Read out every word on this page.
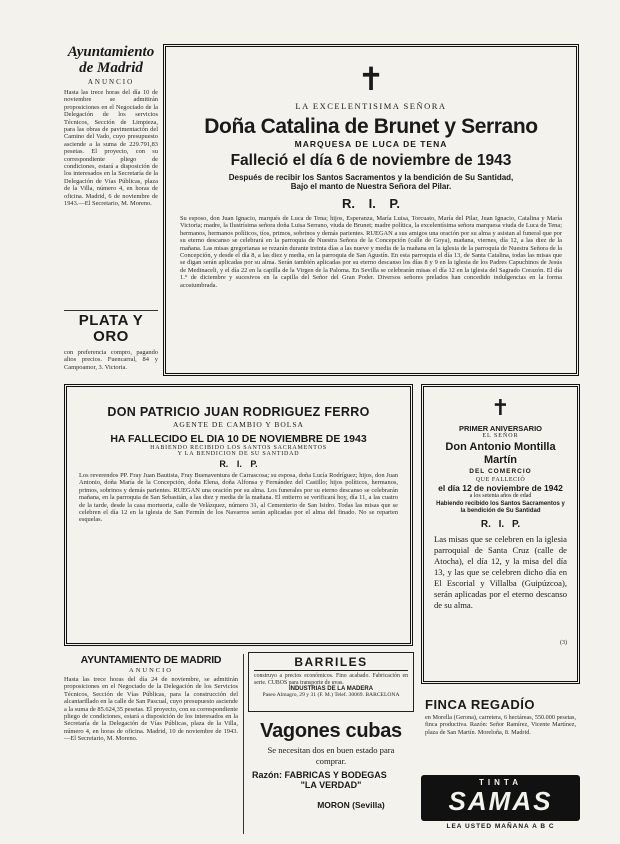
Ayuntamiento
de Madrid
ANUNCIO
Hasta las trece horas del día 10 de noviembre se admitirán proposiciones en el Negociado de la Delegación de los servicios Técnicos, Sección de Limpieza, para las obras de pavimentación del Camino del Vado, cuyo presupuesto asciende a la suma de 229.791,83 pesetas. El proyecto, con su correspondiente pliego de condiciones, estará a disposición de los interesados en la Secretaría de la Delegación de Vías Públicas, plaza de la Villa, número 4, en horas de oficina. Madrid, 6 de noviembre de 1943.—El Secretario, M. Moreno.
PLATA Y ORO
con preferencia compro, pagando altos precios. Fuencarral, 84 y Campoamor, 3. Victoria.
✝
LA EXCELENTISIMA SEÑORA
Doña Catalina de Brunet y Serrano
MARQUESA DE LUCA DE TENA
Falleció el día 6 de noviembre de 1943
Después de recibir los Santos Sacramentos y la bendición de Su Santidad,
Bajo el manto de Nuestra Señora del Pilar.
R. I. P.
Su esposo, don Juan Ignacio, marqués de Luca de Tena; hijos, Esperanza, María Luisa, Torcuato, María del Pilar, Juan Ignacio, Catalina y María Victoria; madre, la Ilustrísima señora doña Luisa Serrano, viuda de Brunet; madre política, la excelentísima señora marquesa viuda de Luca de Tena; hermanos, hermanos políticos, tíos, primos, sobrinos y demás parientes. RUEGAN a sus amigos una oración por su alma y asistan al funeral que por su eterno descanso se celebrará en la parroquia de Nuestra Señora de la Concepción (calle de Goya), mañana, viernes, día 12, a las diez de la mañana. Las misas gregorianas se rezarán durante treinta días a las nueve y media de la mañana en la iglesia de la parroquia de Nuestra Señora de la Concepción, y desde el día 8, a las diez y media, en la parroquia de San Agustín. En esta parroquia el día 13, de Santa Catalina, todas las misas que se digan serán aplicadas por su alma. Serán también aplicadas por su eterno descanso los días 8 y 9 en la iglesia de los Padres Capuchinos de Jesús de Medinaceli, y el día 22 en la capilla de la Virgen de la Paloma. En Sevilla se celebrarán misas el día 12 en la iglesia del Sagrado Corazón. El día 1.° de diciembre y sucesivos en la capilla del Señor del Gran Poder. Diversos señores prelados han concedido indulgencias en la forma acostumbrada.
DON PATRICIO JUAN RODRIGUEZ FERRO
AGENTE DE CAMBIO Y BOLSA
HA FALLECIDO EL DIA 10 DE NOVIEMBRE DE 1943
HABIENDO RECIBIDO LOS SANTOS SACRAMENTOS
Y LA BENDICION DE SU SANTIDAD
R. I. P.
Los reverendos PP. Fray Juan Bautista, Fray Buenaventura de Carrascosa; su esposa, doña Lucía Rodríguez; hijos, don Juan Antonio, doña María de la Concepción, doña Elena, doña Alfonsa y Fernández del Castillo; hijos políticos, hermanos, primos, sobrinos y demás parientes. RUEGAN una oración por su alma. Los funerales por su eterno descanso se celebrarán mañana, en la parroquia de San Sebastián, a las diez y media de la mañana. El entierro se verificará hoy, día 11, a las cuatro de la tarde, desde la casa mortuoria, calle de Velázquez, número 31, al Cementerio de San Isidro. Todas las misas que se celebren el día 12 en la iglesia de San Fermín de los Navarros serán aplicadas por el alma del finado. No se reparten esquelas.
✝
PRIMER ANIVERSARIO
EL SEÑOR
Don Antonio Montilla Martín
DEL COMERCIO
QUE FALLECIÓ
el día 12 de noviembre de 1942
a los setenta años de edad
Habiendo recibido los Santos Sacramentos y la bendición de Su Santidad
R. I. P.
Las misas que se celebren en la iglesia parroquial de Santa Cruz (calle de Atocha), el día 12, y la misa del día 13, y las que se celebren dicho día en El Escorial y Villalba (Guipúzcoa), serán aplicadas por el eterno descanso de su alma.
(3)
AYUNTAMIENTO DE MADRID
ANUNCIO
Hasta las trece horas del día 24 de noviembre, se admitirán proposiciones en el Negociado de la Delegación de los Servicios Técnicos, Sección de Vías Públicas, para la construcción del alcantarillado en la calle de San Pascual, cuyo presupuesto asciende a la suma de 85.624,35 pesetas. El proyecto, con su correspondiente pliego de condiciones, estará a disposición de los interesados en la Secretaría de la Delegación de Vías Públicas, plaza de la Villa, número 4, en horas de oficina. Madrid, 10 de noviembre de 1943.—El Secretario, M. Moreno.
BARRILES
construyo a precios económicos. Fino acabado. Fabricación en serie. CUBOS para transporte de uvas.
INDUSTRIAS DE LA MADERA
Paseo Almagro, 29 y 31 (F. M.) Telef. 30069. BARCELONA
Vagones cubas
Se necesitan dos en buen estado para comprar.
Razón: FABRICAS Y BODEGAS
"LA VERDAD"
MORON (Sevilla)
FINCA REGADÍO
en Morella (Gerona), carretera, 6 hectáreas, 550.000 pesetas, finca productiva. Razón: Señor Ramírez, Vicente Martínez, plaza de San Martín. Moreloña, 8. Madrid.
TINTA
SAMAS
LEA USTED MAÑANA A B C
